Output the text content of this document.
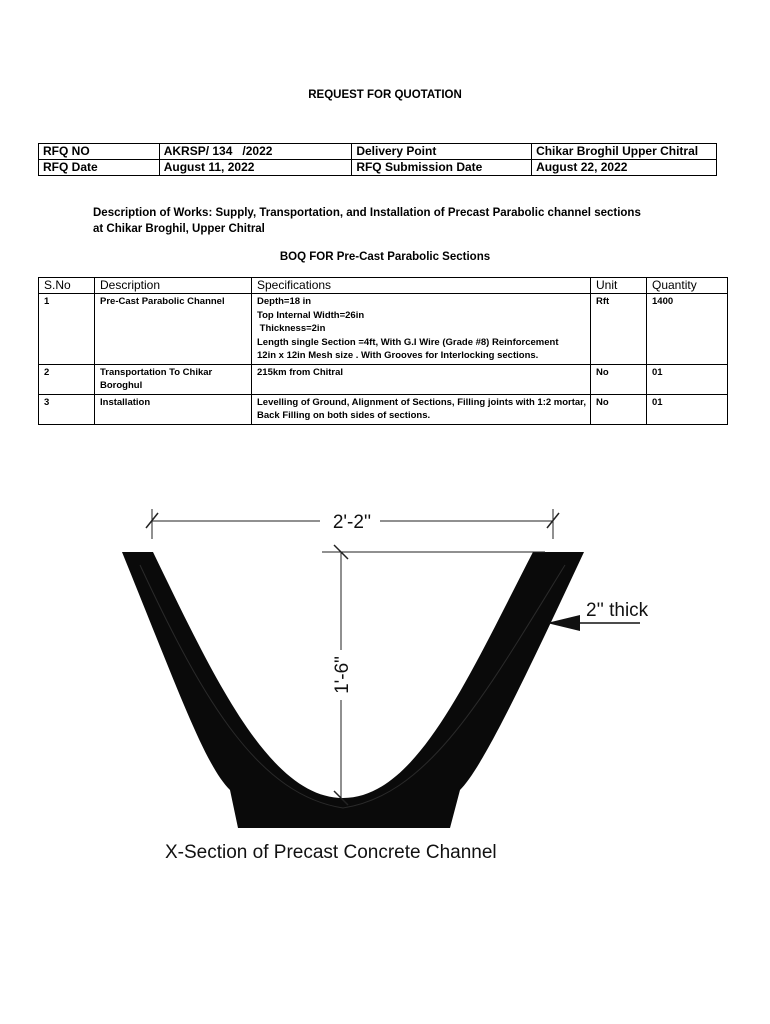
REQUEST FOR QUOTATION
RFQ NO	AKRSP/ 134   /2022	Delivery Point	Chikar Broghil Upper Chitral
RFQ Date	August 11, 2022	RFQ Submission Date	August 22, 2022
Description of Works: Supply, Transportation, and Installation of Precast Parabolic channel sections at Chikar Broghil, Upper Chitral
BOQ FOR Pre-Cast Parabolic Sections
S.No	Description	Specifications	Unit	Quantity
1	Pre-Cast Parabolic Channel	Depth=18 in
Top Internal Width=26in
Thickness=2in
Length single Section =4ft, With G.I Wire (Grade #8) Reinforcement
12in x 12in Mesh size . With Grooves for Interlocking sections.	Rft	1400
2	Transportation To Chikar Boroghul	215km from Chitral	No	01
3	Installation	Levelling of Ground, Alignment of Sections, Filling joints with 1:2 mortar, Back Filling on both sides of sections.	No	01
2'-2''
1'-6"
2'' thick
X-Section of Precast Concrete Channel
